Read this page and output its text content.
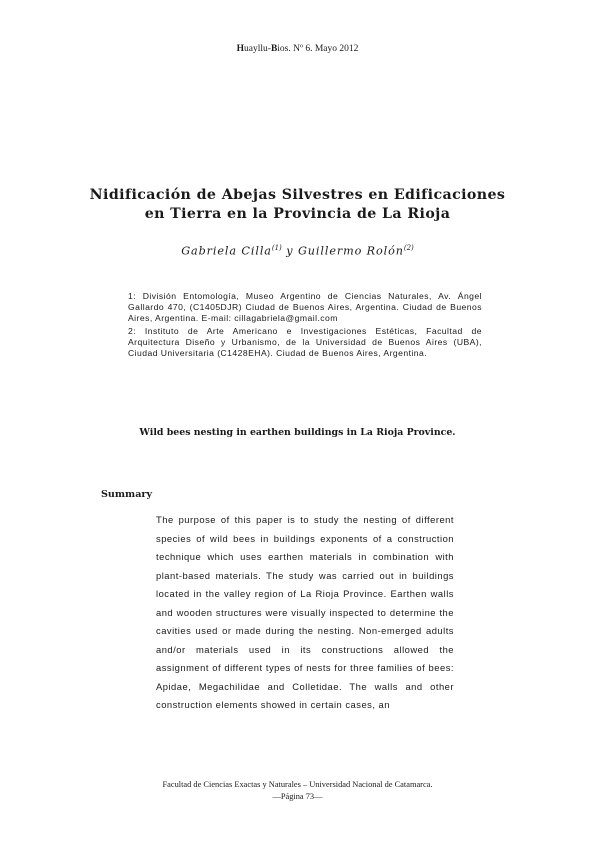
Huayllu-Bios. Nº 6. Mayo 2012
Nidificación de Abejas Silvestres en Edificaciones
en Tierra en la Provincia de La Rioja
Gabriela Cilla$^{(1)}$ y Guillermo Rolón$^{(2)}$
1: División Entomología, Museo Argentino de Ciencias Naturales, Av. Ángel Gallardo 470, (C1405DJR) Ciudad de Buenos Aires, Argentina. Ciudad de Buenos Aires, Argentina. E-mail: cillagabriela@gmail.com
2: Instituto de Arte Americano e Investigaciones Estéticas, Facultad de Arquitectura Diseño y Urbanismo, de la Universidad de Buenos Aires (UBA), Ciudad Universitaria (C1428EHA). Ciudad de Buenos Aires, Argentina.
Wild bees nesting in earthen buildings in La Rioja Province.
Summary
The purpose of this paper is to study the nesting of different species of wild bees in buildings exponents of a construction technique which uses earthen materials in combination with plant-based materials. The study was carried out in buildings located in the valley region of La Rioja Province. Earthen walls and wooden structures were visually inspected to determine the cavities used or made during the nesting. Non-emerged adults and/or materials used in its constructions allowed the assignment of different types of nests for three families of bees: Apidae, Megachilidae and Colletidae. The walls and other construction elements showed in certain cases, an
Facultad de Ciencias Exactas y Naturales – Universidad Nacional de Catamarca.
—Página 73—
